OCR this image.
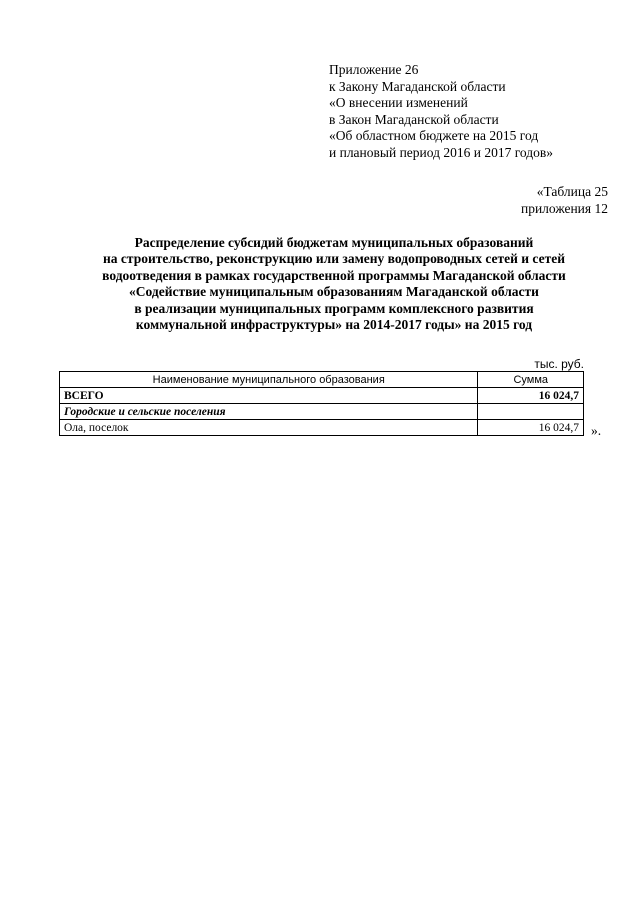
Приложение 26
к Закону Магаданской области
«О внесении изменений
в Закон Магаданской области
«Об областном бюджете на 2015 год
и плановый период 2016 и 2017 годов»
«Таблица 25
приложения 12
Распределение субсидий бюджетам муниципальных образований
на строительство, реконструкцию или замену водопроводных сетей и сетей
водоотведения в рамках государственной программы Магаданской области
«Содействие муниципальным образованиям Магаданской области
в реализации муниципальных программ комплексного развития
коммунальной инфраструктуры» на 2014-2017 годы» на 2015 год
тыс. руб.
Наименование муниципального образования	Сумма
ВСЕГО	16 024,7
Городские и сельские поселения	
Ола, поселок	16 024,7 ».
